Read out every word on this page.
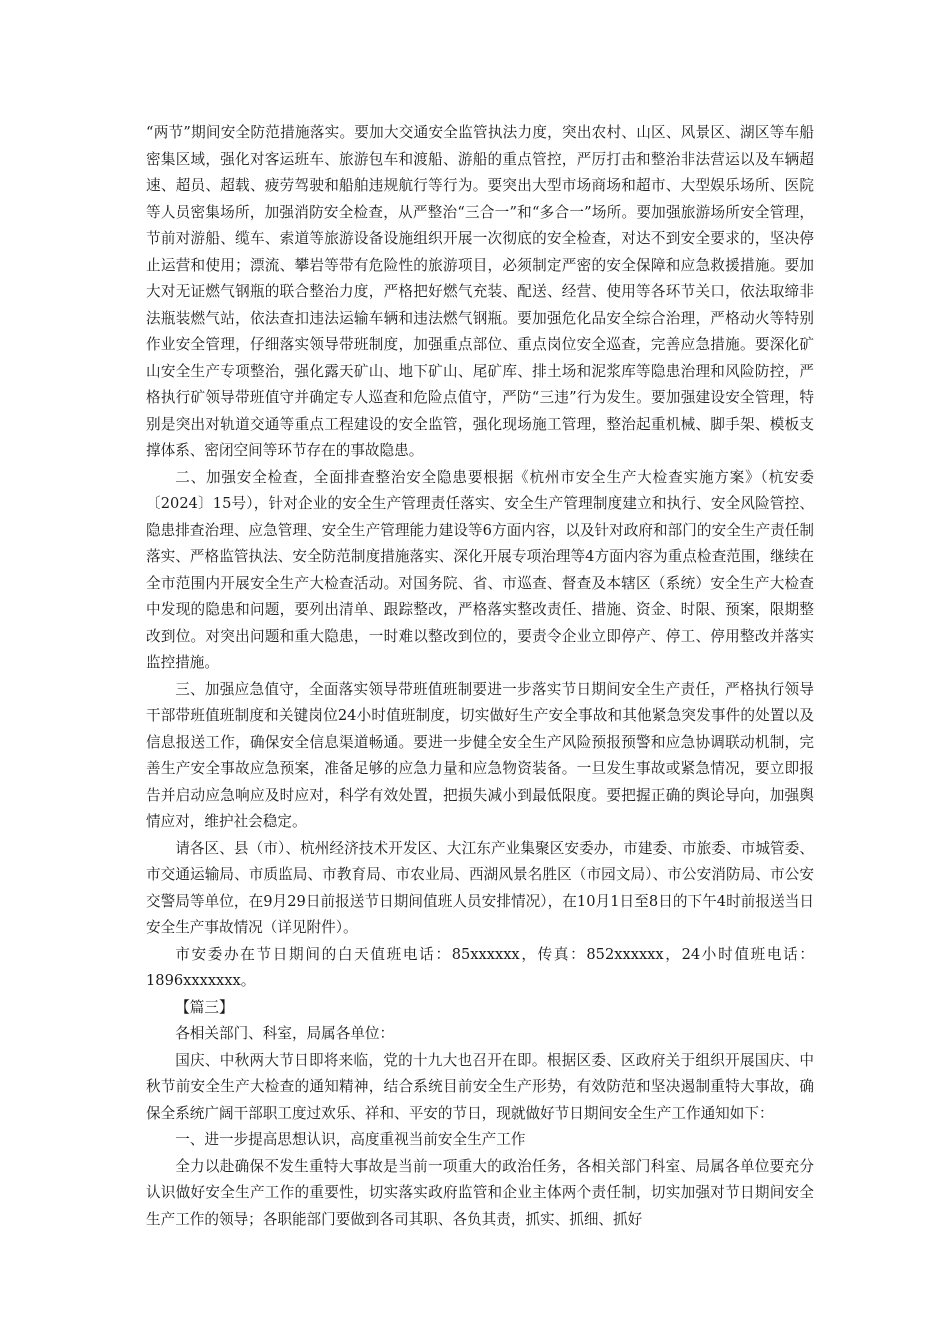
“两节”期间安全防范措施落实。要加大交通安全监管执法力度，突出农村、山区、风景区、湖区等车船密集区域，强化对客运班车、旅游包车和渡船、游船的重点管控，严厉打击和整治非法营运以及车辆超速、超员、超载、疲劳驾驶和船舶违规航行等行为。要突出大型市场商场和超市、大型娱乐场所、医院等人员密集场所，加强消防安全检查，从严整治“三合一”和“多合一”场所。要加强旅游场所安全管理，节前对游船、缆车、索道等旅游设备设施组织开展一次彻底的安全检查，对达不到安全要求的，坚决停止运营和使用；漂流、攀岩等带有危险性的旅游项目，必须制定严密的安全保障和应急救援措施。要加大对无证燃气钢瓶的联合整治力度，严格把好燃气充装、配送、经营、使用等各环节关口，依法取缔非法瓶装燃气站，依法查扣违法运输车辆和违法燃气钢瓶。要加强危化品安全综合治理，严格动火等特别作业安全管理，仔细落实领导带班制度，加强重点部位、重点岗位安全巡查，完善应急措施。要深化矿山安全生产专项整治，强化露天矿山、地下矿山、尾矿库、排土场和泥浆库等隐患治理和风险防控，严格执行矿领导带班值守并确定专人巡查和危险点值守，严防“三违”行为发生。要加强建设安全管理，特别是突出对轨道交通等重点工程建设的安全监管，强化现场施工管理，整治起重机械、脚手架、模板支撑体系、密闭空间等环节存在的事故隐患。

二、加强安全检查，全面排查整治安全隐患要根据《杭州市安全生产大检查实施方案》（杭安委〔2024〕15号），针对企业的安全生产管理责任落实、安全生产管理制度建立和执行、安全风险管控、隐患排查治理、应急管理、安全生产管理能力建设等6方面内容，以及针对政府和部门的安全生产责任制落实、严格监管执法、安全防范制度措施落实、深化开展专项治理等4方面内容为重点检查范围，继续在全市范围内开展安全生产大检查活动。对国务院、省、市巡查、督查及本辖区（系统）安全生产大检查中发现的隐患和问题，要列出清单、跟踪整改，严格落实整改责任、措施、资金、时限、预案，限期整改到位。对突出问题和重大隐患，一时难以整改到位的，要责令企业立即停产、停工、停用整改并落实监控措施。

三、加强应急值守，全面落实领导带班值班制要进一步落实节日期间安全生产责任，严格执行领导干部带班值班制度和关键岗位24小时值班制度，切实做好生产安全事故和其他紧急突发事件的处置以及信息报送工作，确保安全信息渠道畅通。要进一步健全安全生产风险预报预警和应急协调联动机制，完善生产安全事故应急预案，准备足够的应急力量和应急物资装备。一旦发生事故或紧急情况，要立即报告并启动应急响应及时应对，科学有效处置，把损失减小到最低限度。要把握正确的舆论导向，加强舆情应对，维护社会稳定。

请各区、县（市）、杭州经济技术开发区、大江东产业集聚区安委办，市建委、市旅委、市城管委、市交通运输局、市质监局、市教育局、市农业局、西湖风景名胜区（市园文局）、市公安消防局、市公安交警局等单位，在9月29日前报送节日期间值班人员安排情况），在10月1日至8日的下午4时前报送当日安全生产事故情况（详见附件）。

市安委办在节日期间的白天值班电话：85xxxxxx，传真：852xxxxxx，24小时值班电话：1896xxxxxxx。

【篇三】

各相关部门、科室，局属各单位：

国庆、中秋两大节日即将来临，党的十九大也召开在即。根据区委、区政府关于组织开展国庆、中秋节前安全生产大检查的通知精神，结合系统目前安全生产形势，有效防范和坚决遏制重特大事故，确保全系统广阔干部职工度过欢乐、祥和、平安的节日，现就做好节日期间安全生产工作通知如下：

一、进一步提高思想认识，高度重视当前安全生产工作

全力以赴确保不发生重特大事故是当前一项重大的政治任务，各相关部门科室、局属各单位要充分认识做好安全生产工作的重要性，切实落实政府监管和企业主体两个责任制，切实加强对节日期间安全生产工作的领导；各职能部门要做到各司其职、各负其责，抓实、抓细、抓好
